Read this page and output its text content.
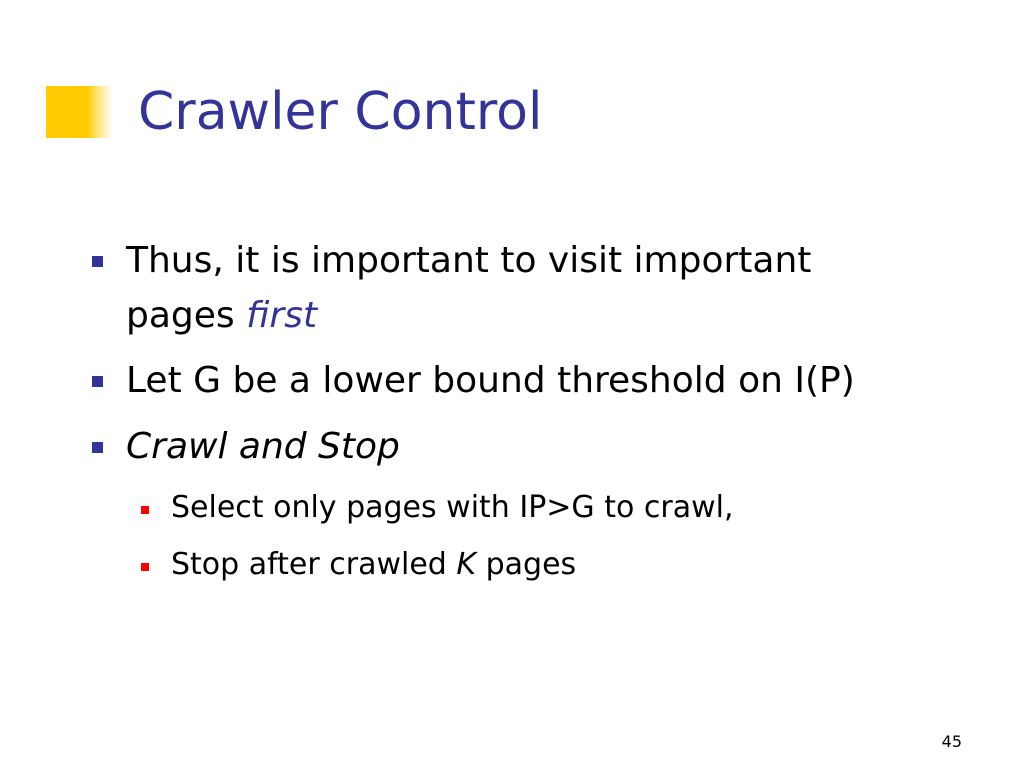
Crawler Control
Thus, it is important to visit important
pages first
Let G be a lower bound threshold on I(P)
Crawl and Stop
Select only pages with IP>G to crawl,
Stop after crawled K pages
45
